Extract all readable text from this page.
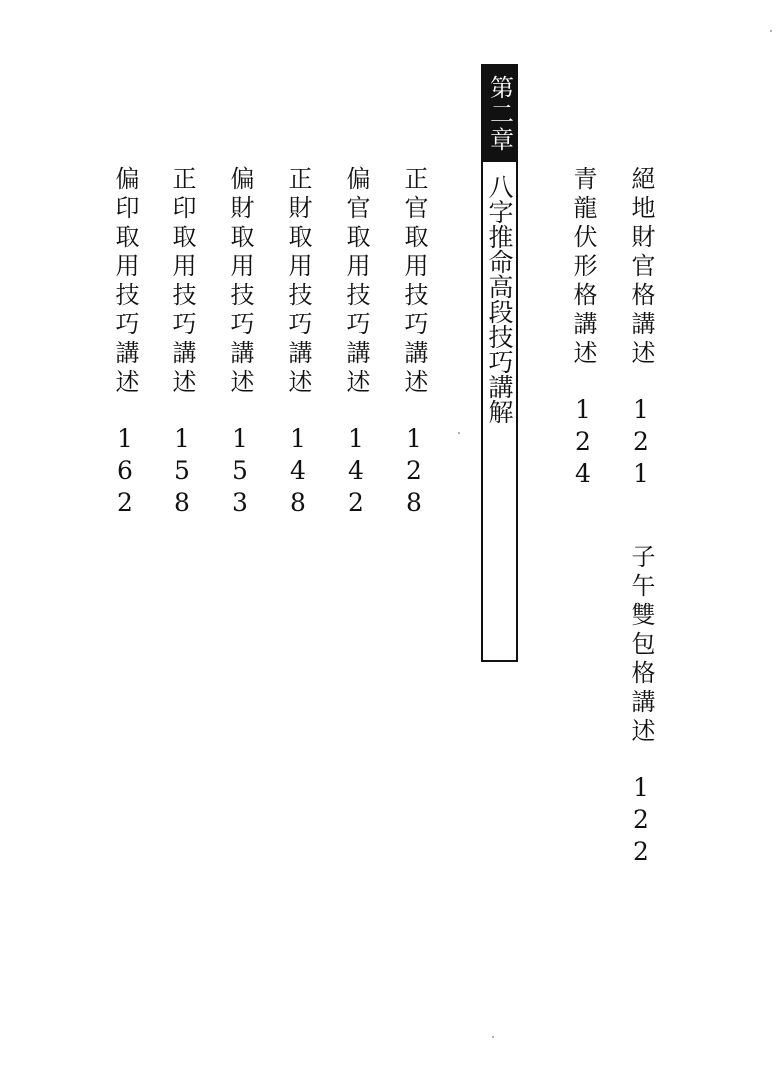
絕地財官格講述
121
子午雙包格講述
122
青龍伏形格講述
124
第二章
八字推命高段技巧講解
正官取用技巧講述
128
偏官取用技巧講述
142
正財取用技巧講述
148
偏財取用技巧講述
153
正印取用技巧講述
158
偏印取用技巧講述
162
